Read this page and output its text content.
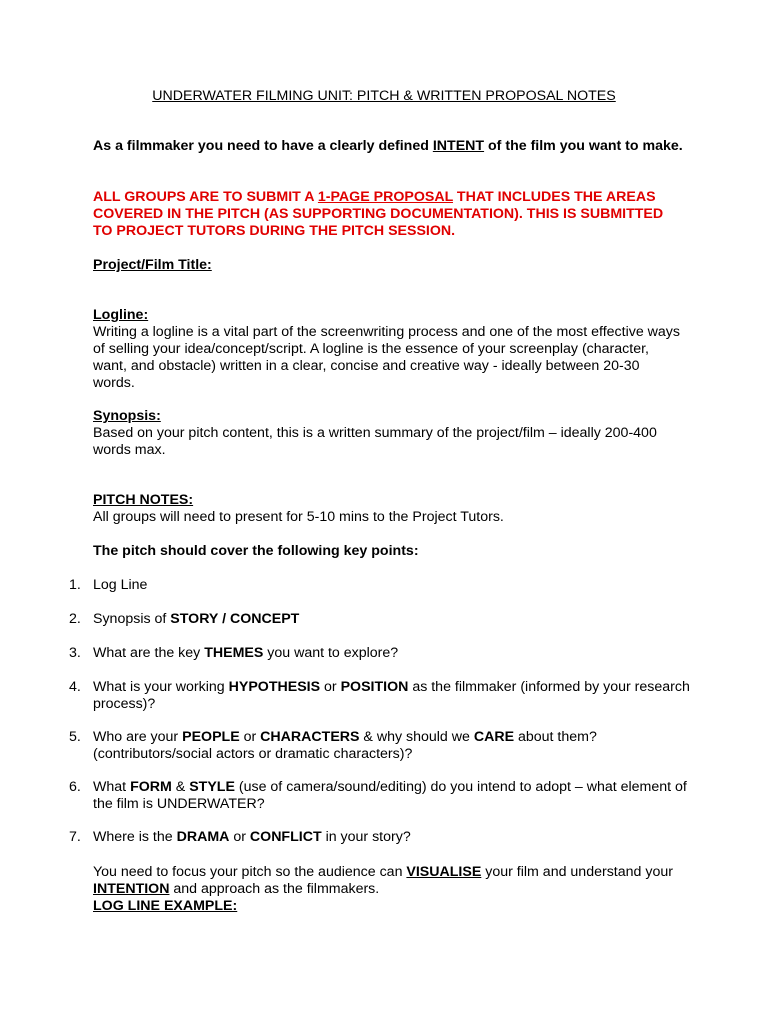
UNDERWATER FILMING UNIT: PITCH & WRITTEN PROPOSAL NOTES
As a filmmaker you need to have a clearly defined INTENT of the film you want to make.
ALL GROUPS ARE TO SUBMIT A 1-PAGE PROPOSAL THAT INCLUDES THE AREAS COVERED IN THE PITCH (AS SUPPORTING DOCUMENTATION). THIS IS SUBMITTED TO PROJECT TUTORS DURING THE PITCH SESSION.
Project/Film Title:
Logline:
Writing a logline is a vital part of the screenwriting process and one of the most effective ways of selling your idea/concept/script. A logline is the essence of your screenplay (character, want, and obstacle) written in a clear, concise and creative way - ideally between 20-30 words.
Synopsis:
Based on your pitch content, this is a written summary of the project/film – ideally 200-400 words max.
PITCH NOTES:
All groups will need to present for 5-10 mins to the Project Tutors.
The pitch should cover the following key points:
1. Log Line
2. Synopsis of STORY / CONCEPT
3. What are the key THEMES you want to explore?
4. What is your working HYPOTHESIS or POSITION as the filmmaker (informed by your research process)?
5. Who are your PEOPLE or CHARACTERS & why should we CARE about them? (contributors/social actors or dramatic characters)?
6. What FORM & STYLE (use of camera/sound/editing) do you intend to adopt – what element of the film is UNDERWATER?
7. Where is the DRAMA or CONFLICT in your story?
You need to focus your pitch so the audience can VISUALISE your film and understand your INTENTION and approach as the filmmakers.
LOG LINE EXAMPLE:
